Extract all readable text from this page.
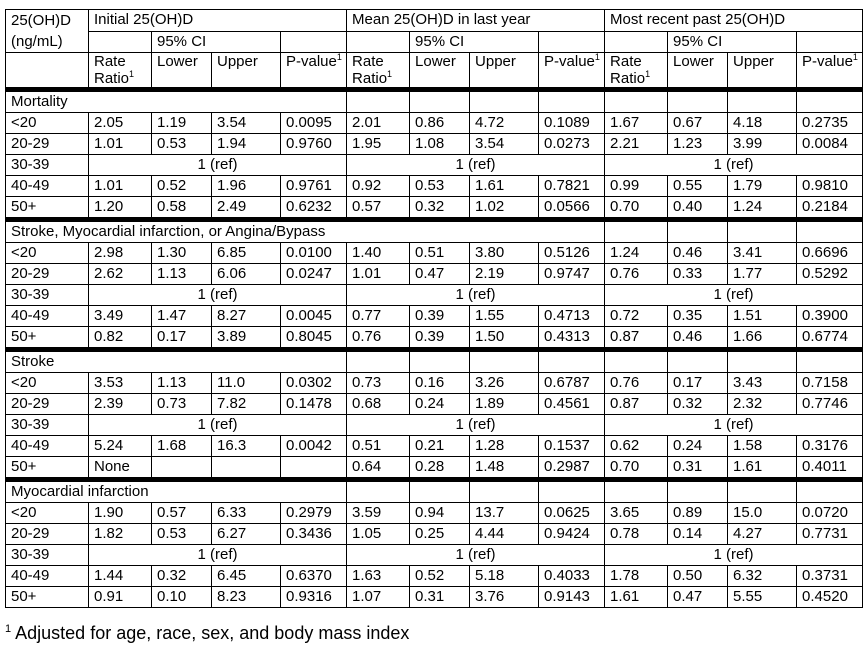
25(OH)D (ng/mL)	Initial 25(OH)D				Mean 25(OH)D in last year				Most recent past 25(OH)D			
		95% CI				95% CI				95% CI		
	Rate Ratio$^1$	Lower	Upper	P-value$^1$	Rate Ratio$^1$	Lower	Upper	P-value$^1$	Rate Ratio$^1$	Lower	Upper	P-value$^1$
Mortality												
<20	2.05	1.19	3.54	0.0095	2.01	0.86	4.72	0.1089	1.67	0.67	4.18	0.2735
20-29	1.01	0.53	1.94	0.9760	1.95	1.08	3.54	0.0273	2.21	1.23	3.99	0.0084
30-39	1 (ref)				1 (ref)				1 (ref)			
40-49	1.01	0.52	1.96	0.9761	0.92	0.53	1.61	0.7821	0.99	0.55	1.79	0.9810
50+	1.20	0.58	2.49	0.6232	0.57	0.32	1.02	0.0566	0.70	0.40	1.24	0.2184
Stroke, Myocardial infarction, or Angina/Bypass												
<20	2.98	1.30	6.85	0.0100	1.40	0.51	3.80	0.5126	1.24	0.46	3.41	0.6696
20-29	2.62	1.13	6.06	0.0247	1.01	0.47	2.19	0.9747	0.76	0.33	1.77	0.5292
30-39	1 (ref)				1 (ref)				1 (ref)			
40-49	3.49	1.47	8.27	0.0045	0.77	0.39	1.55	0.4713	0.72	0.35	1.51	0.3900
50+	0.82	0.17	3.89	0.8045	0.76	0.39	1.50	0.4313	0.87	0.46	1.66	0.6774
Stroke												
<20	3.53	1.13	11.0	0.0302	0.73	0.16	3.26	0.6787	0.76	0.17	3.43	0.7158
20-29	2.39	0.73	7.82	0.1478	0.68	0.24	1.89	0.4561	0.87	0.32	2.32	0.7746
30-39	1 (ref)				1 (ref)				1 (ref)			
40-49	5.24	1.68	16.3	0.0042	0.51	0.21	1.28	0.1537	0.62	0.24	1.58	0.3176
50+	None				0.64	0.28	1.48	0.2987	0.70	0.31	1.61	0.4011
Myocardial infarction												
<20	1.90	0.57	6.33	0.2979	3.59	0.94	13.7	0.0625	3.65	0.89	15.0	0.0720
20-29	1.82	0.53	6.27	0.3436	1.05	0.25	4.44	0.9424	0.78	0.14	4.27	0.7731
30-39	1 (ref)				1 (ref)				1 (ref)			
40-49	1.44	0.32	6.45	0.6370	1.63	0.52	5.18	0.4033	1.78	0.50	6.32	0.3731
50+	0.91	0.10	8.23	0.9316	1.07	0.31	3.76	0.9143	1.61	0.47	5.55	0.4520
$^1$ Adjusted for age, race, sex, and body mass index
